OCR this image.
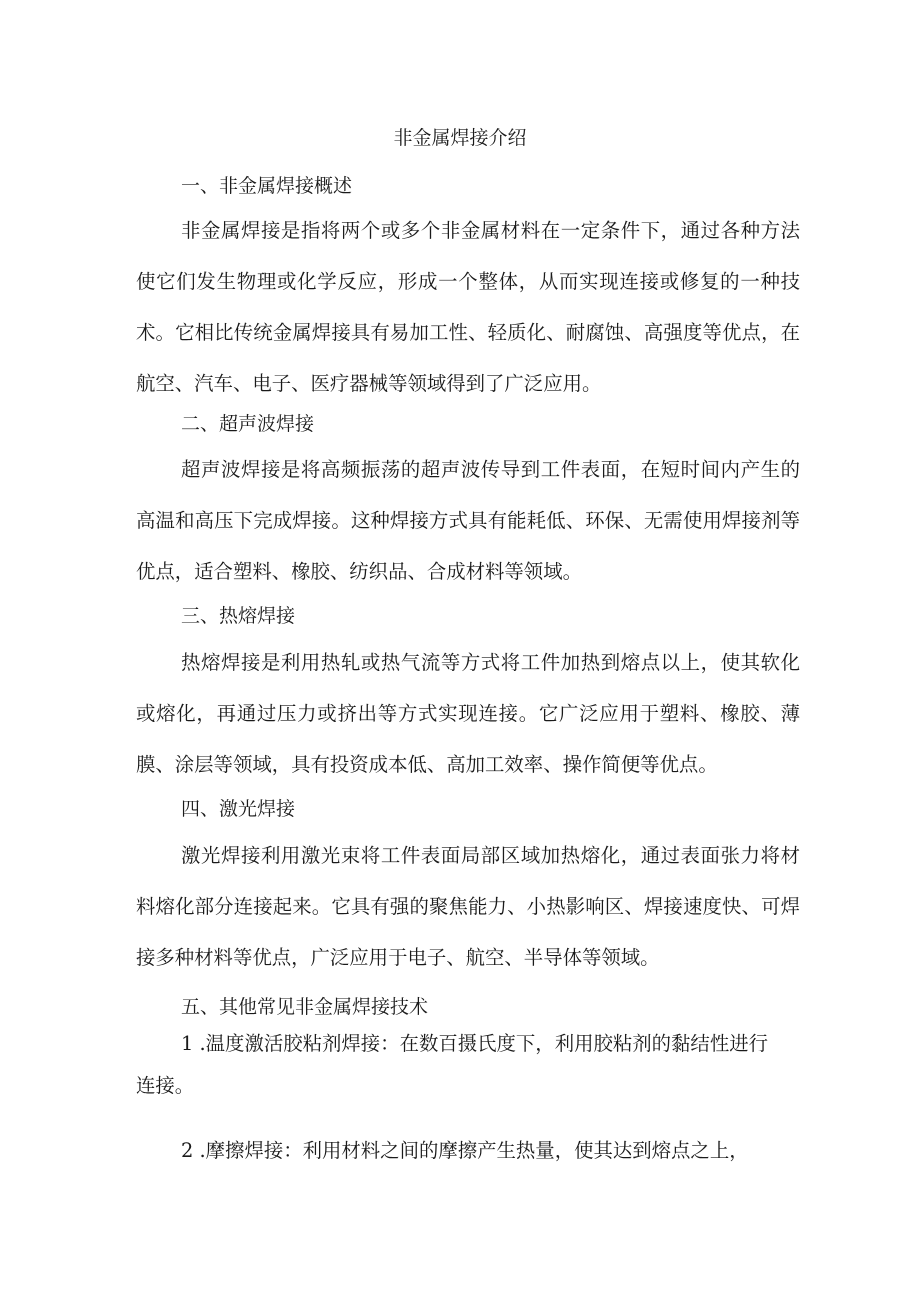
非金属焊接介绍
一、非金属焊接概述
非金属焊接是指将两个或多个非金属材料在一定条件下，通过各种方法使它们发生物理或化学反应，形成一个整体，从而实现连接或修复的一种技术。它相比传统金属焊接具有易加工性、轻质化、耐腐蚀、高强度等优点，在航空、汽车、电子、医疗器械等领域得到了广泛应用。
二、超声波焊接
超声波焊接是将高频振荡的超声波传导到工件表面，在短时间内产生的高温和高压下完成焊接。这种焊接方式具有能耗低、环保、无需使用焊接剂等优点，适合塑料、橡胶、纺织品、合成材料等领域。
三、热熔焊接
热熔焊接是利用热轧或热气流等方式将工件加热到熔点以上，使其软化或熔化，再通过压力或挤出等方式实现连接。它广泛应用于塑料、橡胶、薄膜、涂层等领域，具有投资成本低、高加工效率、操作简便等优点。
四、激光焊接
激光焊接利用激光束将工件表面局部区域加热熔化，通过表面张力将材料熔化部分连接起来。它具有强的聚焦能力、小热影响区、焊接速度快、可焊接多种材料等优点，广泛应用于电子、航空、半导体等领域。
五、其他常见非金属焊接技术
1 .温度激活胶粘剂焊接：在数百摄氏度下，利用胶粘剂的黏结性进行连接。
2 .摩擦焊接：利用材料之间的摩擦产生热量，使其达到熔点之上，
